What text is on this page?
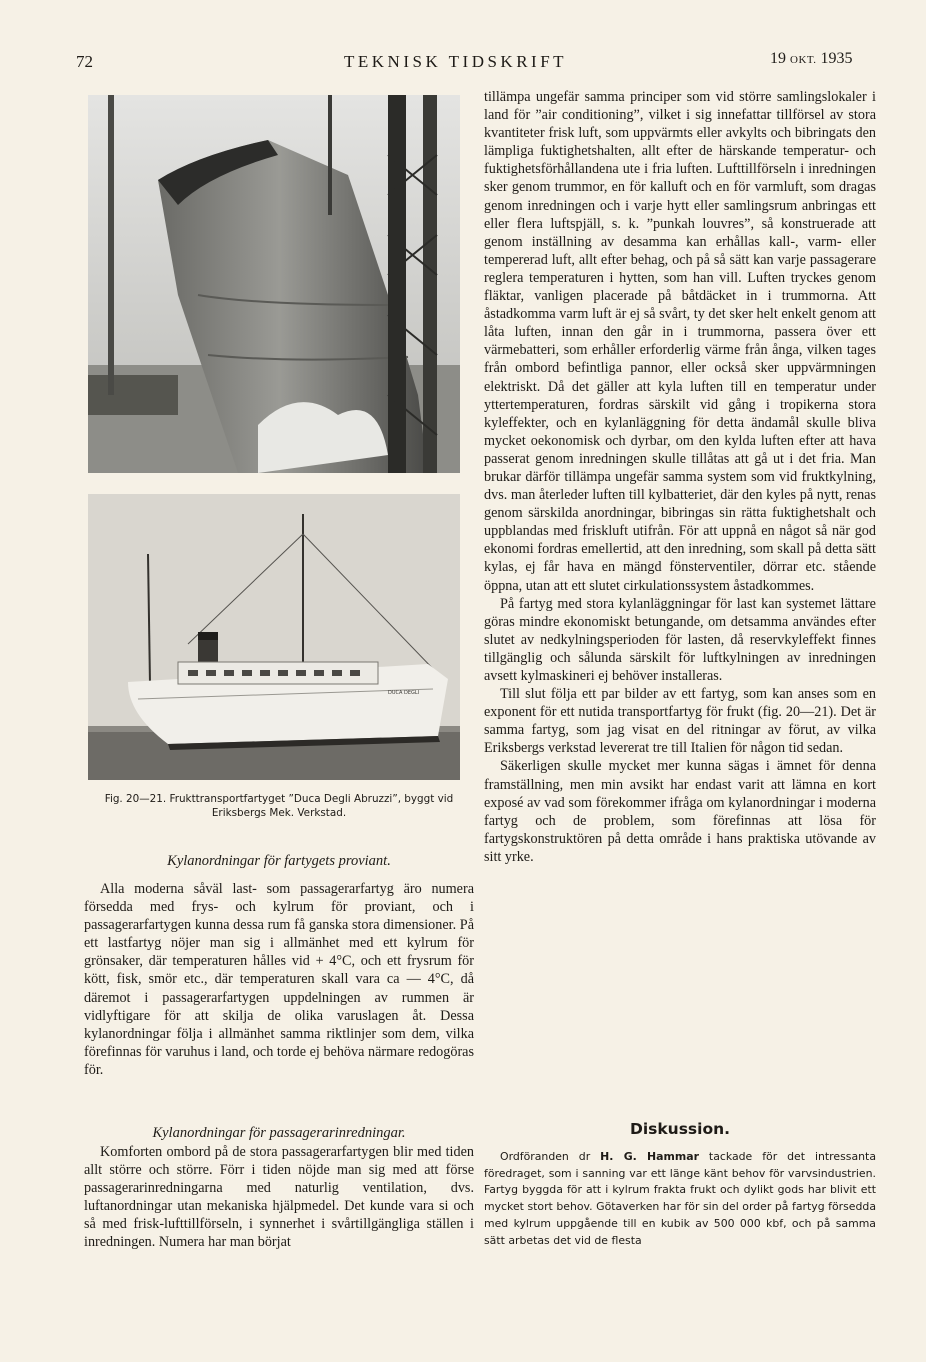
72	TEKNISK TIDSKRIFT	19 OKT. 1935
DUCA DEGLI
Fig. 20—21. Frukttransportfartyget ”Duca Degli Abruzzi”, byggt vid
Eriksbergs Mek. Verkstad.
Kylanordningar för fartygets proviant.

Alla moderna såväl last- som passagerarfartyg äro numera försedda med frys- och kylrum för proviant, och i passagerarfartygen kunna dessa rum få ganska stora dimensioner. På ett lastfartyg nöjer man sig i allmänhet med ett kylrum för grönsaker, där temperaturen hålles vid + 4°C, och ett frysrum för kött, fisk, smör etc., där temperaturen skall vara ca — 4°C, då däremot i passagerarfartygen uppdelningen av rummen är vidlyftigare för att skilja de olika varuslagen åt. Dessa kylanordningar följa i allmänhet samma riktlinjer som dem, vilka förefinnas för varuhus i land, och torde ej behöva närmare redogöras för.

Kylanordningar för passagerarinredningar.

Komforten ombord på de stora passagerarfartygen blir med tiden allt större och större. Förr i tiden nöjde man sig med att förse passagerarinredningarna med naturlig ventilation, dvs. luftanordningar utan mekaniska hjälpmedel. Det kunde vara si och så med frisk-lufttillförseln, i synnerhet i svårtillgängliga ställen i inredningen. Numera har man börjat

tillämpa ungefär samma principer som vid större samlingslokaler i land för ”air conditioning”, vilket i sig innefattar tillförsel av stora kvantiteter frisk luft, som uppvärmts eller avkylts och bibringats den lämpliga fuktighetshalten, allt efter de härskande temperatur- och fuktighetsförhållandena ute i fria luften. Lufttillförseln i inredningen sker genom trummor, en för kalluft och en för varmluft, som dragas genom inredningen och i varje hytt eller samlingsrum anbringas ett eller flera luftspjäll, s. k. ”punkah louvres”, så konstruerade att genom inställning av desamma kan erhållas kall-, varm- eller tempererad luft, allt efter behag, och på så sätt kan varje passagerare reglera temperaturen i hytten, som han vill. Luften tryckes genom fläktar, vanligen placerade på båtdäcket in i trummorna. Att åstadkomma varm luft är ej så svårt, ty det sker helt enkelt genom att låta luften, innan den går in i trummorna, passera över ett värmebatteri, som erhåller erforderlig värme från ånga, vilken tages från ombord befintliga pannor, eller också sker uppvärmningen elektriskt. Då det gäller att kyla luften till en temperatur under yttertemperaturen, fordras särskilt vid gång i tropikerna stora kyleffekter, och en kylanläggning för detta ändamål skulle bliva mycket oekonomisk och dyrbar, om den kylda luften efter att hava passerat genom inredningen skulle tillåtas att gå ut i det fria. Man brukar därför tillämpa ungefär samma system som vid fruktkylning, dvs. man återleder luften till kylbatteriet, där den kyles på nytt, renas genom särskilda anordningar, bibringas sin rätta fuktighetshalt och uppblandas med friskluft utifrån. För att uppnå en något så när god ekonomi fordras emellertid, att den inredning, som skall på detta sätt kylas, ej får hava en mängd fönsterventiler, dörrar etc. stående öppna, utan att ett slutet cirkulationssystem åstadkommes.

På fartyg med stora kylanläggningar för last kan systemet lättare göras mindre ekonomiskt betungande, om detsamma användes efter slutet av nedkylningsperioden för lasten, då reservkyleffekt finnes tillgänglig och sålunda särskilt för luftkylningen av inredningen avsett kylmaskineri ej behöver installeras.

Till slut följa ett par bilder av ett fartyg, som kan anses som en exponent för ett nutida transportfartyg för frukt (fig. 20—21). Det är samma fartyg, som jag visat en del ritningar av förut, av vilka Eriksbergs verkstad levererat tre till Italien för någon tid sedan.

Säkerligen skulle mycket mer kunna sägas i ämnet för denna framställning, men min avsikt har endast varit att lämna en kort exposé av vad som förekommer ifråga om kylanordningar i moderna fartyg och de problem, som förefinnas att lösa för fartygskonstruktören på detta område i hans praktiska utövande av sitt yrke.

Diskussion.

Ordföranden dr H. G. Hammar tackade för det intressanta föredraget, som i sanning var ett länge känt behov för varvsindustrien. Fartyg byggda för att i kylrum frakta frukt och dylikt gods har blivit ett mycket stort behov. Götaverken har för sin del order på fartyg försedda med kylrum uppgående till en kubik av 500 000 kbf, och på samma sätt arbetas det vid de flesta
